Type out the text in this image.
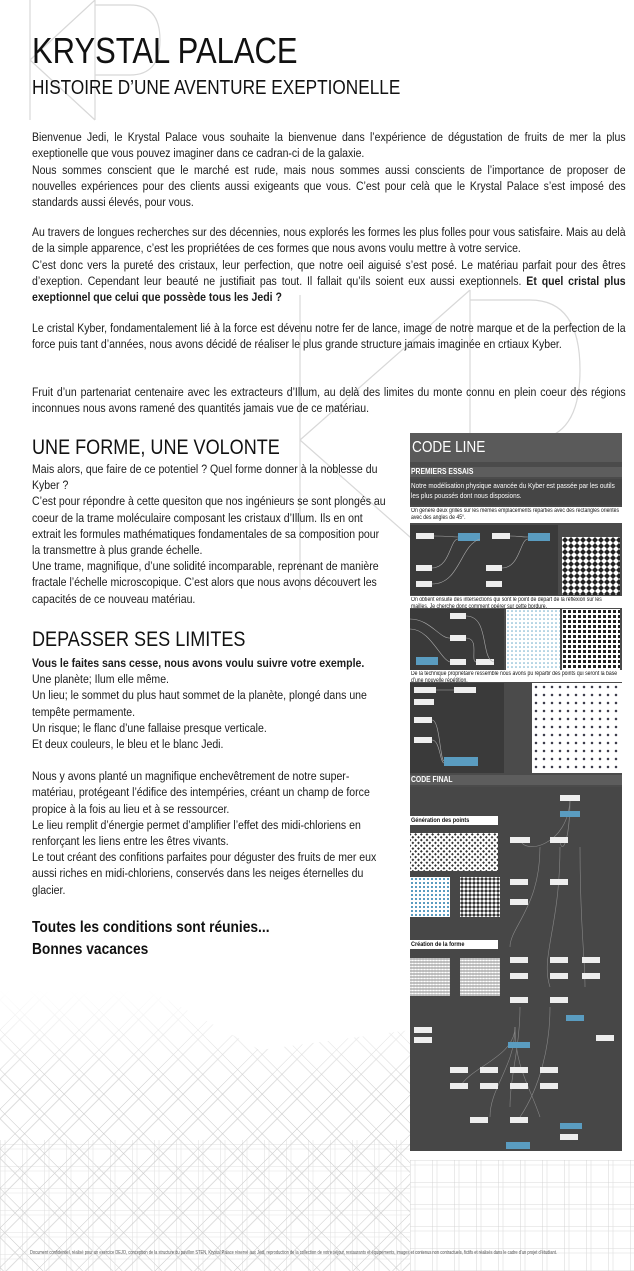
KRYSTAL PALACE
HISTOIRE D’UNE AVENTURE EXEPTIONELLE

Bienvenue Jedi, le Krystal Palace vous souhaite la bienvenue dans l’expérience de dégustation de fruits de mer la plus exeptionelle que vous pouvez imaginer dans ce cadran-ci de la galaxie.

Nous sommes conscient que le marché est rude, mais nous sommes aussi conscients de l’importance de proposer de nouvelles expériences pour des clients aussi exigeants que vous. C’est pour celà que le Krystal Palace s’est imposé des standards aussi élevés, pour vous.

Au travers de longues recherches sur des décennies, nous explorés les formes les plus folles pour vous satisfaire. Mais au delà de la simple apparence, c’est les propriétées de ces formes que nous avons voulu mettre à votre service.

C’est donc vers la pureté des cristaux, leur perfection, que notre oeil aiguisé s’est posé. Le matériau parfait pour des êtres d’exeption. Cependant leur beauté ne justifiait pas tout. Il fallait qu’ils soient eux aussi exeptionnels. Et quel cristal plus exeptionnel que celui que possède tous les Jedi ?

Le cristal Kyber, fondamentalement lié à la force est dévenu notre fer de lance, image de notre marque et de la perfection de la force puis tant d’années, nous avons décidé de réaliser le plus grande structure jamais imaginée en crtiaux Kyber.

Fruit d’un partenariat centenaire avec les extracteurs d’Illum, au delà des limites du monte connu en plein coeur des régions inconnues nous avons ramené des quantités jamais vue de ce matériau.

UNE FORME, UNE VOLONTE

Mais alors, que faire de ce potentiel ? Quel forme donner à la noblesse du Kyber ?

C’est pour répondre à cette quesiton que nos ingénieurs se sont plongés au coeur de la trame moléculaire composant les cristaux d’Illum. Ils en ont extrait les formules mathématiques fondamentales de sa composition pour la transmettre à plus grande échelle.

Une trame, magnifique, d’une solidité incomparable, reprenant de manière fractale l’échelle microscopique. C’est alors que nous avons découvert les capacités de ce nouveau matériau.

DEPASSER SES LIMITES

Vous le faites sans cesse, nous avons voulu suivre votre exemple.

Une planète; Ilum elle même.

Un lieu; le sommet du plus haut sommet de la planète, plongé dans une tempête permamente.

Un risque; le flanc d’une fallaise presque verticale.

Et deux couleurs, le bleu et le blanc Jedi.

Nous y avons planté un magnifique enchevêtrement de notre super-matériau, protégeant l’édifice des intempéries, créant un champ de force propice à la fois au lieu et à se ressourcer.

Le lieu remplit d’énergie permet d’amplifier l’effet des midi-chloriens en renforçant les liens entre les êtres vivants.

Le tout créant des confitions parfaites pour déguster des fruits de mer eux aussi riches en midi-chloriens, conservés dans les neiges éternelles du glacier.

Toutes les conditions sont réunies...

Bonnes vacances

CODE LINE
PREMIERS ESSAIS
Notre modélisation physique avancée du Kyber est passée par les outils les plus poussés dont nous disposions.
On génère deux grilles sur les mêmes emplacements réparties avec des rectangles orientés avec des angles de 45°.
On obtient ensuite des intersections qui sont le point de départ de la réflexion sur les mailles. Je cherche donc comment opérer sur cette bordure.
De la technique propriétaire ressemble nous avons pu répartir des points qui seront la base d’une nouvelle répétition.
CODE FINAL
Génération des points
Création de la forme
Document confidentiel, réalisé pour un exercice DEJO, conception de la structure du pavillon STEN, Krystal Palace réservé aux Jedi, reproduction de la collection de votre séjour, restaurants et équipements, images et contenus non contractuels, fictifs et réalisés dans le cadre d’un projet d’étudiant.
